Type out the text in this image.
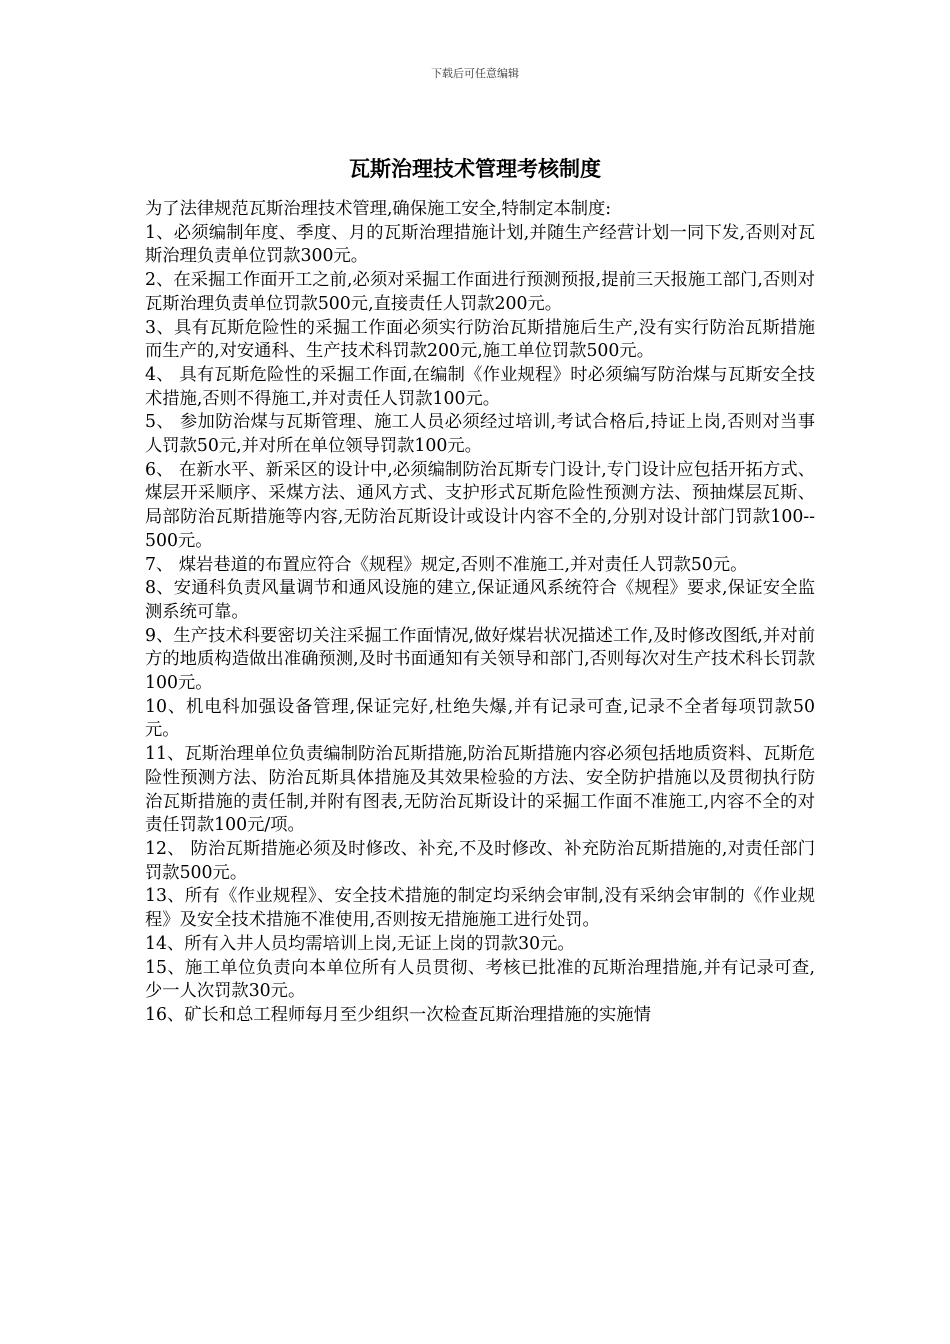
下载后可任意编辑
瓦斯治理技术管理考核制度

为了法律规范瓦斯治理技术管理,确保施工安全,特制定本制度:

1、必须编制年度、季度、月的瓦斯治理措施计划,并随生产经营计划一同下发,否则对瓦斯治理负责单位罚款300元。

2、在采掘工作面开工之前,必须对采掘工作面进行预测预报,提前三天报施工部门,否则对瓦斯治理负责单位罚款500元,直接责任人罚款200元。

3、具有瓦斯危险性的采掘工作面必须实行防治瓦斯措施后生产,没有实行防治瓦斯措施而生产的,对安通科、生产技术科罚款200元,施工单位罚款500元。

4、 具有瓦斯危险性的采掘工作面,在编制《作业规程》时必须编写防治煤与瓦斯安全技术措施,否则不得施工,并对责任人罚款100元。

5、 参加防治煤与瓦斯管理、施工人员必须经过培训,考试合格后,持证上岗,否则对当事人罚款50元,并对所在单位领导罚款100元。

6、 在新水平、新采区的设计中,必须编制防治瓦斯专门设计,专门设计应包括开拓方式、煤层开采顺序、采煤方法、通风方式、支护形式瓦斯危险性预测方法、预抽煤层瓦斯、局部防治瓦斯措施等内容,无防治瓦斯设计或设计内容不全的,分别对设计部门罚款100--500元。

7、 煤岩巷道的布置应符合《规程》规定,否则不准施工,并对责任人罚款50元。

8、安通科负责风量调节和通风设施的建立,保证通风系统符合《规程》要求,保证安全监测系统可靠。

9、生产技术科要密切关注采掘工作面情况,做好煤岩状况描述工作,及时修改图纸,并对前方的地质构造做出准确预测,及时书面通知有关领导和部门,否则每次对生产技术科长罚款100元。

10、机电科加强设备管理,保证完好,杜绝失爆,并有记录可查,记录不全者每项罚款50元。

11、瓦斯治理单位负责编制防治瓦斯措施,防治瓦斯措施内容必须包括地质资料、瓦斯危险性预测方法、防治瓦斯具体措施及其效果检验的方法、安全防护措施以及贯彻执行防治瓦斯措施的责任制,并附有图表,无防治瓦斯设计的采掘工作面不准施工,内容不全的对责任罚款100元/项。

12、 防治瓦斯措施必须及时修改、补充,不及时修改、补充防治瓦斯措施的,对责任部门罚款500元。

13、所有《作业规程》、安全技术措施的制定均采纳会审制,没有采纳会审制的《作业规程》及安全技术措施不准使用,否则按无措施施工进行处罚。

14、所有入井人员均需培训上岗,无证上岗的罚款30元。

15、施工单位负责向本单位所有人员贯彻、考核已批准的瓦斯治理措施,并有记录可查,少一人次罚款30元。

16、矿长和总工程师每月至少组织一次检查瓦斯治理措施的实施情
